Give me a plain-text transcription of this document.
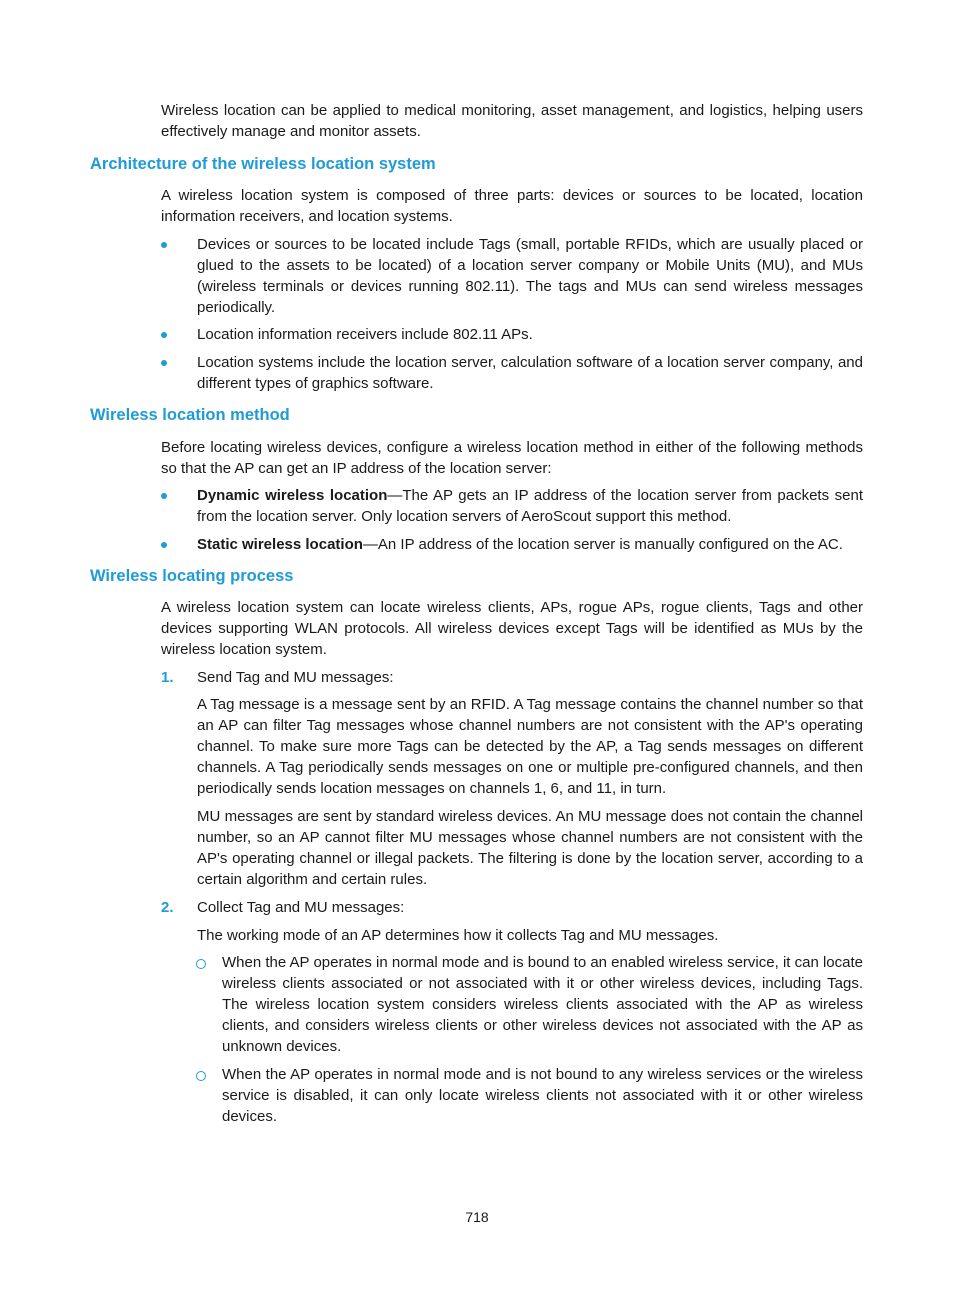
Wireless location can be applied to medical monitoring, asset management, and logistics, helping users effectively manage and monitor assets.

Architecture of the wireless location system

A wireless location system is composed of three parts: devices or sources to be located, location information receivers, and location systems.

Devices or sources to be located include Tags (small, portable RFIDs, which are usually placed or glued to the assets to be located) of a location server company or Mobile Units (MU), and MUs (wireless terminals or devices running 802.11). The tags and MUs can send wireless messages periodically.

Location information receivers include 802.11 APs.

Location systems include the location server, calculation software of a location server company, and different types of graphics software.

Wireless location method

Before locating wireless devices, configure a wireless location method in either of the following methods so that the AP can get an IP address of the location server:

Dynamic wireless location—The AP gets an IP address of the location server from packets sent from the location server. Only location servers of AeroScout support this method.

Static wireless location—An IP address of the location server is manually configured on the AC.

Wireless locating process

A wireless location system can locate wireless clients, APs, rogue APs, rogue clients, Tags and other devices supporting WLAN protocols. All wireless devices except Tags will be identified as MUs by the wireless location system.

1. Send Tag and MU messages:

A Tag message is a message sent by an RFID. A Tag message contains the channel number so that an AP can filter Tag messages whose channel numbers are not consistent with the AP's operating channel. To make sure more Tags can be detected by the AP, a Tag sends messages on different channels. A Tag periodically sends messages on one or multiple pre-configured channels, and then periodically sends location messages on channels 1, 6, and 11, in turn.

MU messages are sent by standard wireless devices. An MU message does not contain the channel number, so an AP cannot filter MU messages whose channel numbers are not consistent with the AP's operating channel or illegal packets. The filtering is done by the location server, according to a certain algorithm and certain rules.

2. Collect Tag and MU messages:

The working mode of an AP determines how it collects Tag and MU messages.

When the AP operates in normal mode and is bound to an enabled wireless service, it can locate wireless clients associated or not associated with it or other wireless devices, including Tags. The wireless location system considers wireless clients associated with the AP as wireless clients, and considers wireless clients or other wireless devices not associated with the AP as unknown devices.

When the AP operates in normal mode and is not bound to any wireless services or the wireless service is disabled, it can only locate wireless clients not associated with it or other wireless devices.

718
